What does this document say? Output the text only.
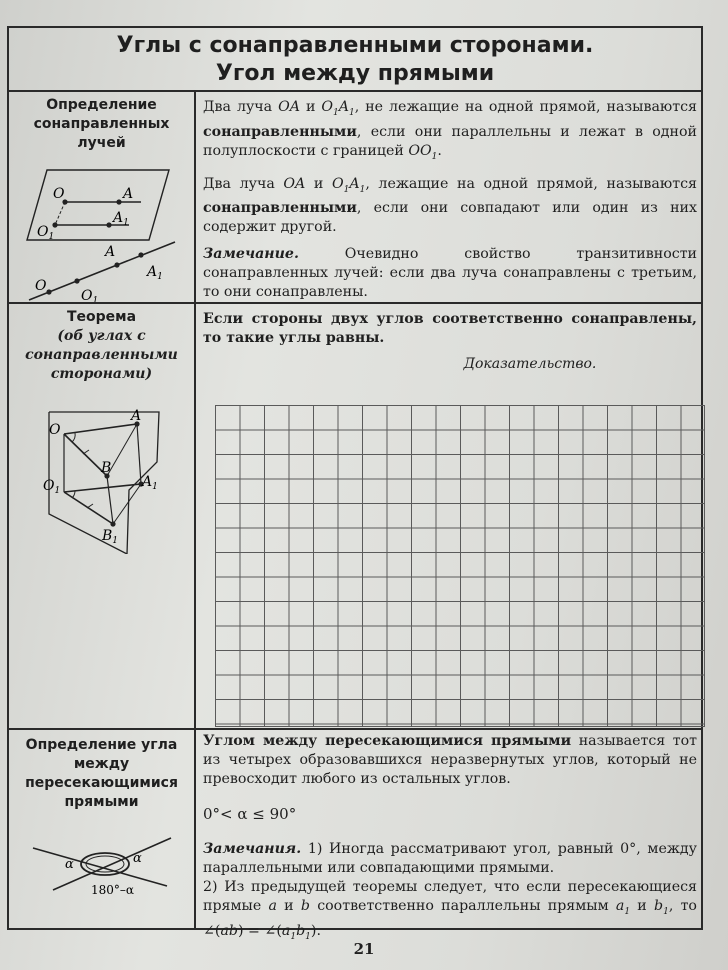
Углы с сонаправленными сторонами.
Угол между прямыми
Определение сонаправленных лучей
O	A
$O_1$
$A_1$
A
$A_1$
O
$O_1$

Два луча OA и $O_1A_1$, не лежащие на одной прямой, называются сонаправленными, если они параллельны и лежат в одной полуплоскости с границей $OO_1$.

Два луча OA и $O_1A_1$, лежащие на одной прямой, называются сонаправленными, если они совпадают или один из них содержит другой.

Замечание. Очевидно свойство транзитивности сонаправленных лучей: если два луча сонаправлены с третьим, то они сонаправлены.

Теорема
(об углах с сонаправленными сторонами)
O
A
$O_1$
B
$A_1$
$B_1$

Если стороны двух углов соответственно сонаправлены, то такие углы равны.

Доказательство.
Определение угла между пересекающимися прямыми
α	α
180°–α

Углом между пересекающимися прямыми называется тот из четырех образовавшихся неразвернутых углов, который не превосходит любого из остальных углов.

0°< α ≤ 90°

Замечания. 1) Иногда рассматривают угол, равный 0°, между параллельными или совпадающими прямыми.

2) Из предыдущей теоремы следует, что если пересекающиеся прямые a и b соответственно параллельны прямым $a_1$ и $b_1$, то ∠(ab) = $\angle(a_1b_1)$.

21
